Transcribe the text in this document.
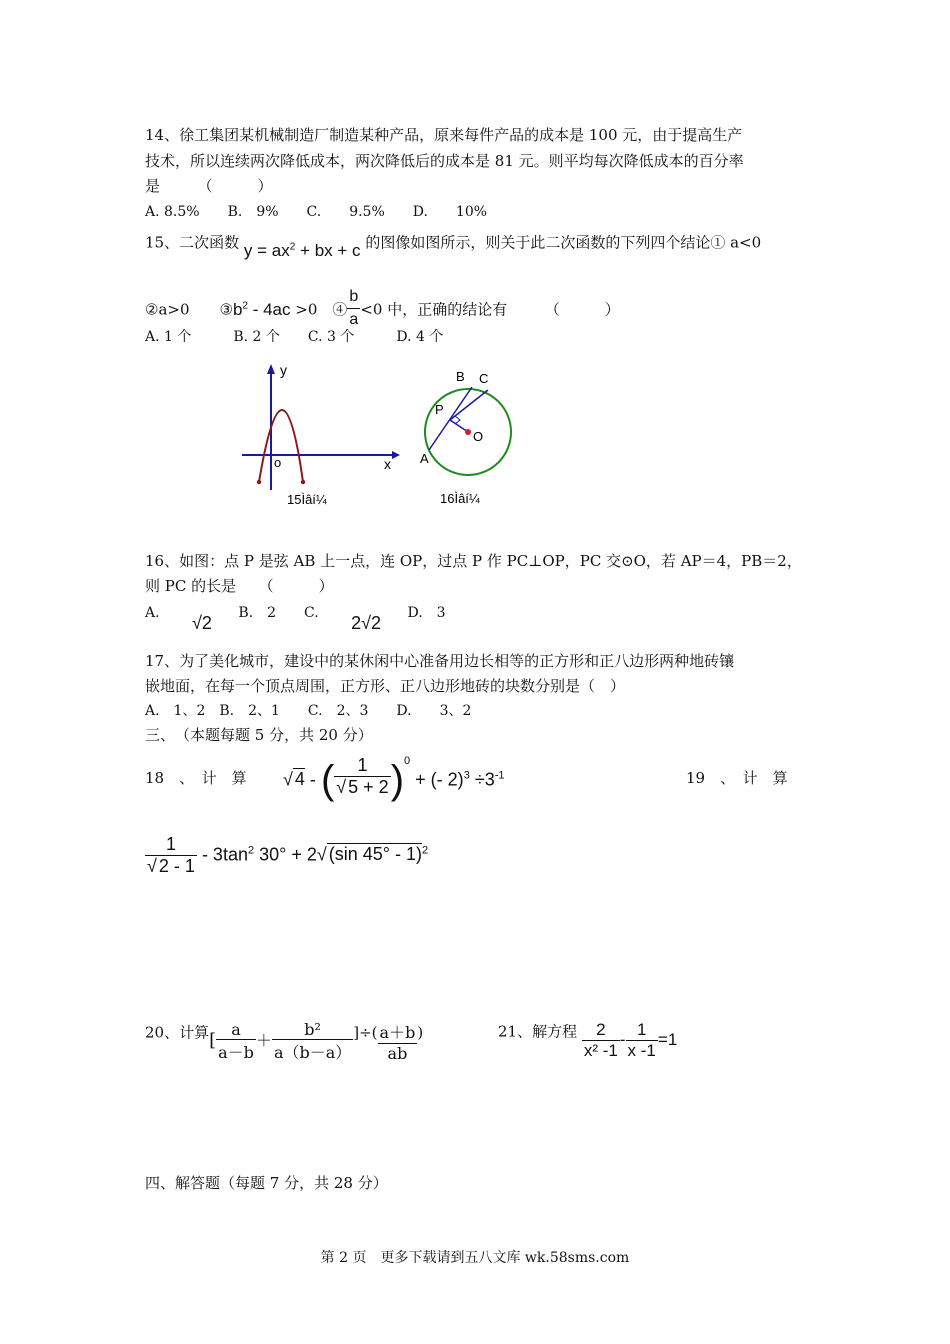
14、徐工集团某机械制造厂制造某种产品，原来每件产品的成本是 100 元，由于提高生产
技术，所以连续两次降低成本，两次降低后的成本是 81 元。则平均每次降低成本的百分率
是　　　（　　　）
A. 8.5%　　B.　9%　　C.　　9.5%　　D.　　10%
15、二次函数 $y = ax^2$ + bx + c 的图像如图所示，则关于此二次函数的下列四个结论① a<0
②a>0　　$③b^2 - 4ac >0$　④ $\frac{b}{a} <0$ 中，正确的结论有　　　（　　　）
A. 1 个　　　B. 2 个　　C. 3 个　　　D. 4 个
y
x
o
15Ìâí¼
B C
P
O
A
16Ìâí¼
16、如图：点 P 是弦 AB 上一点，连 OP，过点 P 作 PC⊥OP，PC 交⊙O，若 AP＝4，PB＝2，
则 PC 的长是　　（　　　）
A. √2 B.　2　　C. 2√2 D.　3
17、为了美化城市，建设中的某休闲中心准备用边长相等的正方形和正八边形两种地砖镶
嵌地面，在每一个顶点周围，正方形、正八边形地砖的块数分别是（　）
A.　1、2　B.　2、1　　C.　2、3　　D.　　3、2
三、　（本题每题 5 分，共 20 分）
18　、　计　算 √ 4 - ( $\frac{1}{√ 5 + 2} )^0$ + (- $2)^3 \div 3^{-1}$	19　、　计　算
$\frac{1}{√ 2 - 1} - 3\tan^2$ 30° + 2√ (sin 45° - 1)$^2$
20、计算[ $\frac{a}{a-b} + \frac{\text{b²}}{a(b-a)}$ ]÷( $\frac{a+b}{ab}$ )	21、解方程 $\frac{2}{\text{x² -1}} - \frac{1}{x -1} =1$
四、解答题（每题 7 分，共 28 分）
第 2 页　更多下载请到五八文库 wk.58sms.com
